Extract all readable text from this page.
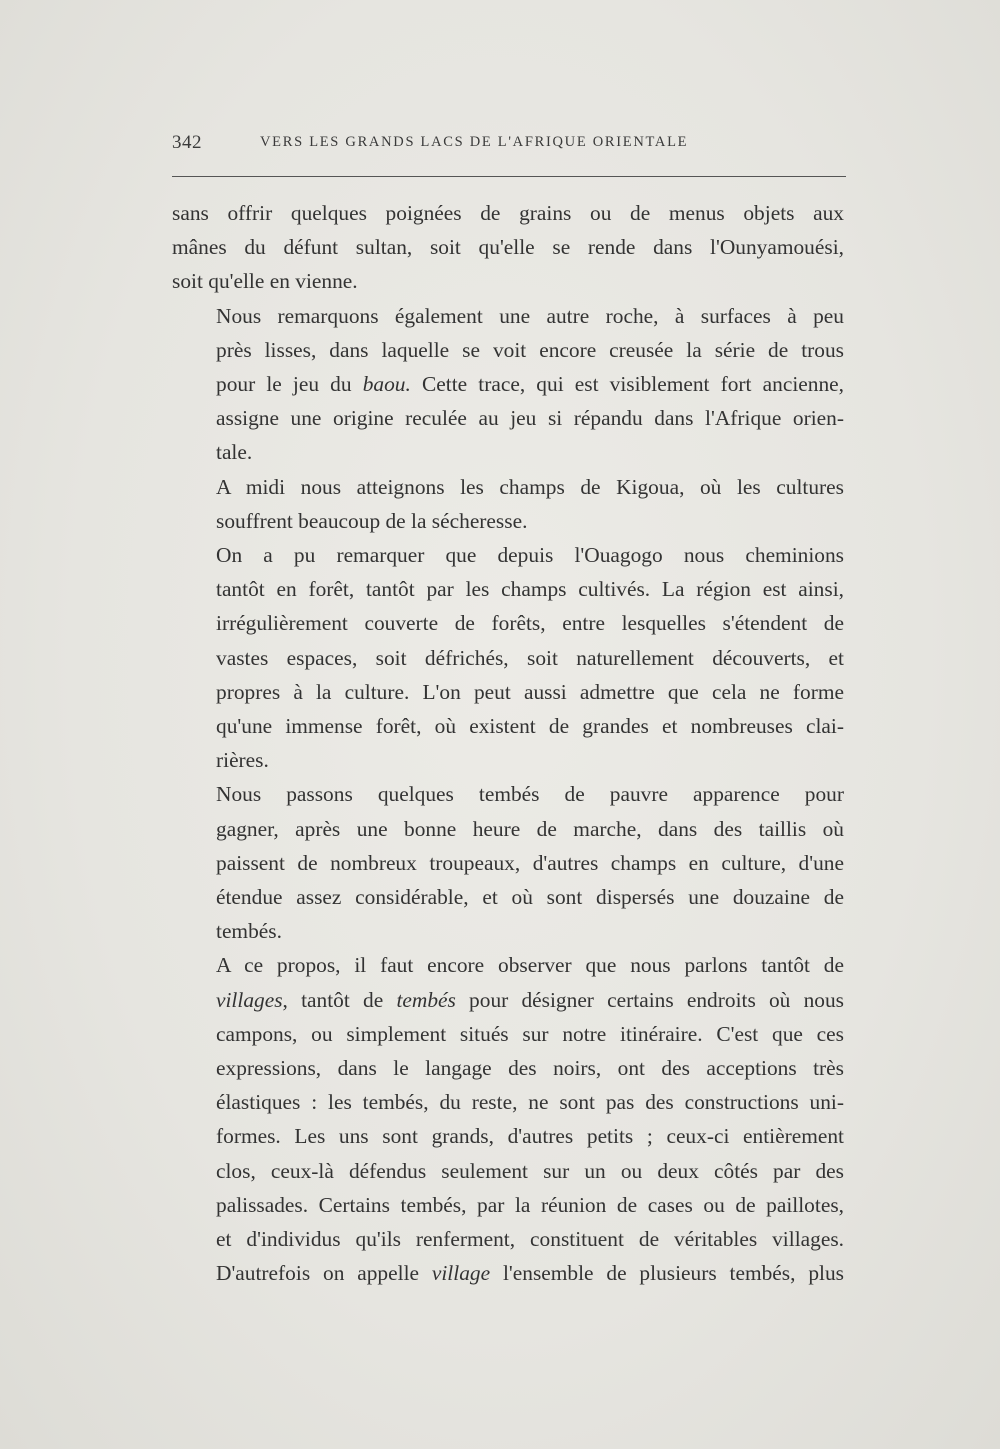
342	VERS LES GRANDS LACS DE L'AFRIQUE ORIENTALE

sans offrir quelques poignées de grains ou de menus objets aux
mânes du défunt sultan, soit qu'elle se rende dans l'Ounyamouési,
soit qu'elle en vienne.

Nous remarquons également une autre roche, à surfaces à peu
près lisses, dans laquelle se voit encore creusée la série de trous
pour le jeu du baou. Cette trace, qui est visiblement fort ancienne,
assigne une origine reculée au jeu si répandu dans l'Afrique orien-
tale.

A midi nous atteignons les champs de Kigoua, où les cultures
souffrent beaucoup de la sécheresse.

On a pu remarquer que depuis l'Ouagogo nous cheminions
tantôt en forêt, tantôt par les champs cultivés. La région est ainsi,
irrégulièrement couverte de forêts, entre lesquelles s'étendent de
vastes espaces, soit défrichés, soit naturellement découverts, et
propres à la culture. L'on peut aussi admettre que cela ne forme
qu'une immense forêt, où existent de grandes et nombreuses clai-
rières.

Nous passons quelques tembés de pauvre apparence pour
gagner, après une bonne heure de marche, dans des taillis où
paissent de nombreux troupeaux, d'autres champs en culture, d'une
étendue assez considérable, et où sont dispersés une douzaine de
tembés.

A ce propos, il faut encore observer que nous parlons tantôt de
villages, tantôt de tembés pour désigner certains endroits où nous
campons, ou simplement situés sur notre itinéraire. C'est que ces
expressions, dans le langage des noirs, ont des acceptions très
élastiques : les tembés, du reste, ne sont pas des constructions uni-
formes. Les uns sont grands, d'autres petits ; ceux-ci entièrement
clos, ceux-là défendus seulement sur un ou deux côtés par des
palissades. Certains tembés, par la réunion de cases ou de paillotes,
et d'individus qu'ils renferment, constituent de véritables villages.
D'autrefois on appelle village l'ensemble de plusieurs tembés, plus
